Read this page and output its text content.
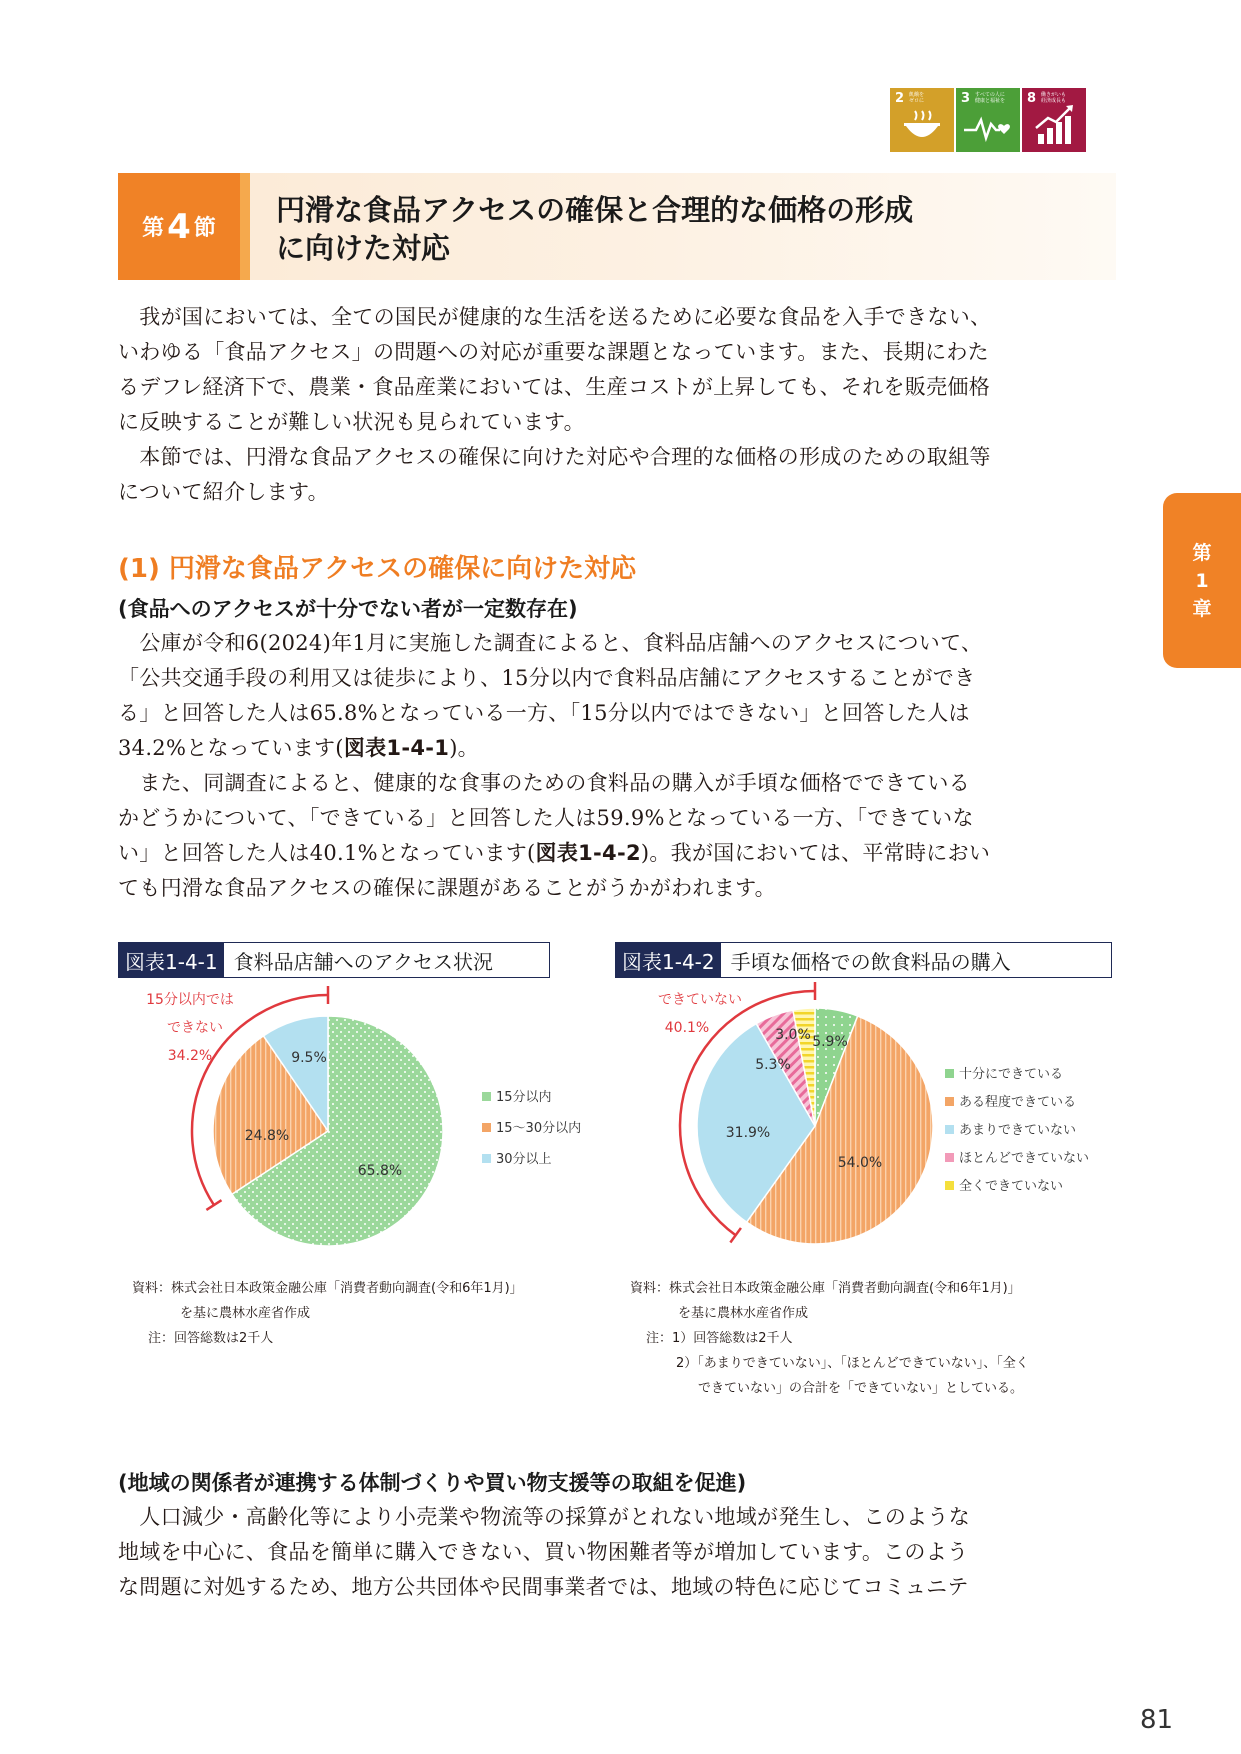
2 飢餓を
ゼロに	3 すべての人に
健康と福祉を	8 働きがいも
経済成長も
第 4 節
円滑な食品アクセスの確保と合理的な価格の形成
に向けた対応
　我が国においては、全ての国民が健康的な生活を送るために必要な食品を入手できない、
いわゆる「食品アクセス」の問題への対応が重要な課題となっています。また、長期にわた
るデフレ経済下で、農業・食品産業においては、生産コストが上昇しても、それを販売価格
に反映することが難しい状況も見られています。
　本節では、円滑な食品アクセスの確保に向けた対応や合理的な価格の形成のための取組等
について紹介します。
第
1
章
(1) 円滑な食品アクセスの確保に向けた対応
(食品へのアクセスが十分でない者が一定数存在)
　公庫が令和6(2024)年1月に実施した調査によると、食料品店舗へのアクセスについて、
「公共交通手段の利用又は徒歩により、15分以内で食料品店舗にアクセスすることができ
る」と回答した人は65.8%となっている一方、「15分以内ではできない」と回答した人は
34.2%となっています(図表1-4-1)。
　また、同調査によると、健康的な食事のための食料品の購入が手頃な価格でできている
かどうかについて、「できている」と回答した人は59.9%となっている一方、「できていな
い」と回答した人は40.1%となっています(図表1-4-2)。我が国においては、平常時におい
ても円滑な食品アクセスの確保に課題があることがうかがわれます。
図表1-4-1 食料品店舗へのアクセス状況	図表1-4-2 手頃な価格での飲食料品の購入
65.8%
24.8%
9.5%
15分以内では
できない
34.2%
15分以内
15〜30分以内
30分以上
5.9%
54.0%
31.9%
5.3%
3.0%
できていない
40.1%
十分にできている
ある程度できている
あまりできていない
ほとんどできていない
全くできていない
資料：株式会社日本政策金融公庫「消費者動向調査(令和6年1月)」
を基に農林水産省作成
注：回答総数は2千人
資料：株式会社日本政策金融公庫「消費者動向調査(令和6年1月)」
を基に農林水産省作成
注：1）回答総数は2千人
2）「あまりできていない」、「ほとんどできていない」、「全く
できていない」の合計を「できていない」としている。
(地域の関係者が連携する体制づくりや買い物支援等の取組を促進)
　人口減少・高齢化等により小売業や物流等の採算がとれない地域が発生し、このような
地域を中心に、食品を簡単に購入できない、買い物困難者等が増加しています。このよう
な問題に対処するため、地方公共団体や民間事業者では、地域の特色に応じてコミュニテ
81
